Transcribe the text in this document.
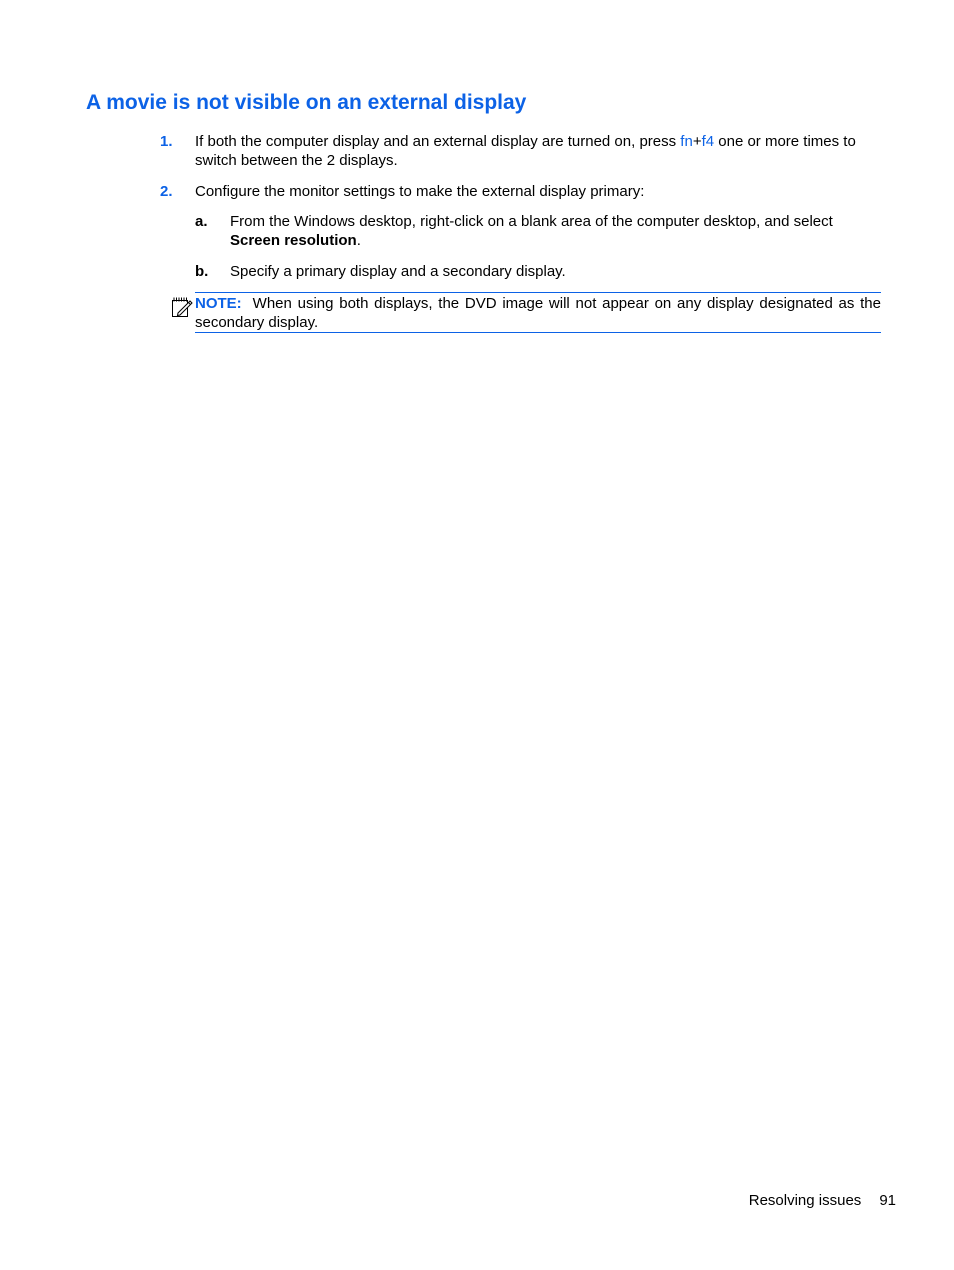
A movie is not visible on an external display
1. If both the computer display and an external display are turned on, press fn+f4 one or more times to switch between the 2 displays.
2. Configure the monitor settings to make the external display primary:
a. From the Windows desktop, right-click on a blank area of the computer desktop, and select Screen resolution.
b. Specify a primary display and a secondary display.
NOTE: When using both displays, the DVD image will not appear on any display designated as the secondary display.
Resolving issues 91
